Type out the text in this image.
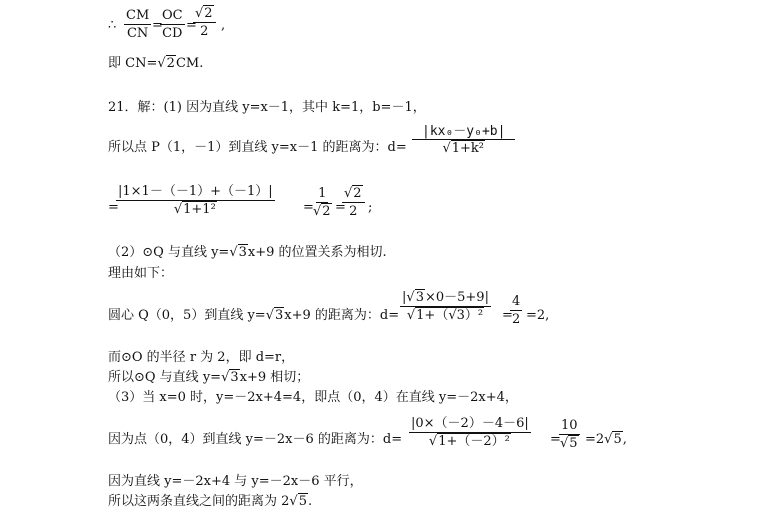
∴ $\frac{CM}{CN}$ =
$\frac{OC}{CD}$ =
$\frac{√2}{2}$ ,
即 CN=√2CM.
21．解：(1) 因为直线 y=x－1，其中 k=1，b=－1，
所以点 P（1，－1）到直线 y=x－1 的距离为：$d= \frac{\text{|kx₀－y₀+b|}}{\text{√1+k²}}$
=
$\frac{|1\times 1-(-1)+(-1)|}{\text{√1+1²}}$ =
$\frac{1}{√2}$ =
$\frac{√2}{2}$ ;
（2）⊙Q 与直线 y=√3x+9 的位置关系为相切.
理由如下：
圆心 Q（0，5）到直线 y=√3x+9 的距离为：$d= \frac{|√3\times 0-5+9|}{\text{√1+（√3）²}}$ =
$\frac{4}{2} =2$,
而⊙O 的半径 r 为 2，即 d=r，
所以⊙Q 与直线 y=√3x+9 相切；
（3）当 x=0 时，y=－2x+4=4，即点（0，4）在直线 y=－2x+4，
因为点（0，4）到直线 y=－2x－6 的距离为：$d= \frac{|0\times(-2)-4-6|}{\text{√1+（－2）²}}$ =
$\frac{10}{√5} =2√5$,
因为直线 y=－2x+4 与 y=－2x－6 平行，
所以这两条直线之间的距离为 2√5.
